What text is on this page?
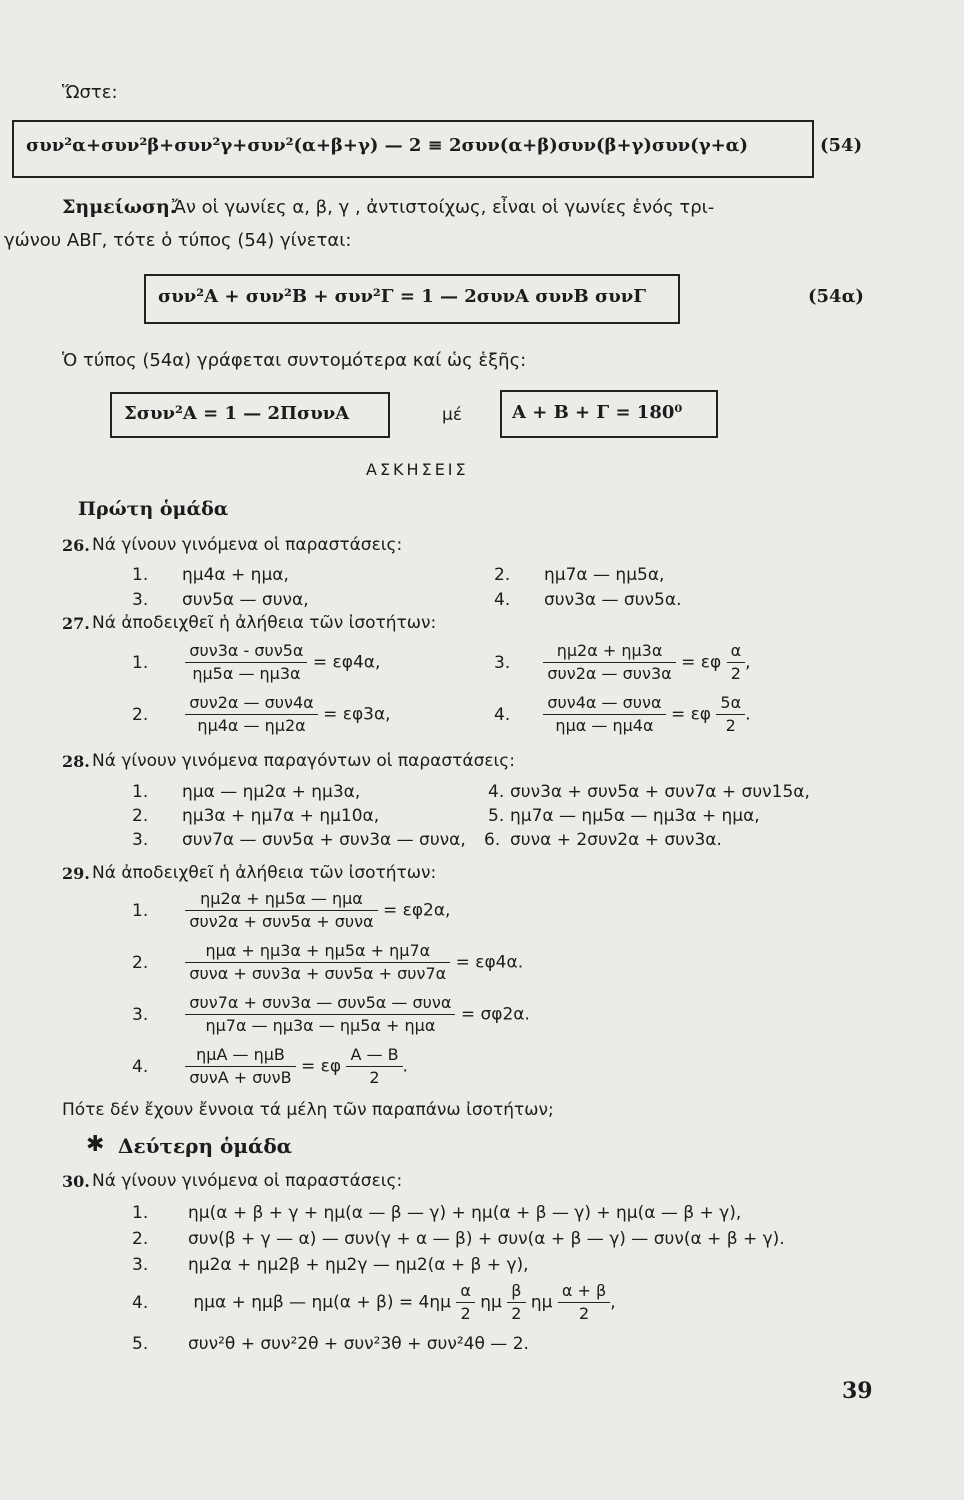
Ὥστε:
συν²α+συν²β+συν²γ+συν²(α+β+γ) — 2 ≡ 2συν(α+β)συν(β+γ)συν(γ+α)	(54)
Σημείωση.
Ἄν οἱ γωνίες α, β, γ , ἀντιστοίχως, εἶναι οἱ γωνίες ἑνός τρι-
γώνου ΑΒΓ, τότε ὁ τύπος (54) γίνεται:
συν²Α + συν²Β + συν²Γ = 1 — 2συνΑ συνΒ συνΓ	(54α)
Ὁ τύπος (54α) γράφεται συντομότερα καί ὡς ἑξῆς:
Σσυν²Α = 1 — 2ΠσυνΑ	μέ	Α + Β + Γ = 180⁰
ΑΣΚΗΣΕΙΣ
Πρώτη ὁμάδα
26. Νά γίνουν γινόμενα οἱ παραστάσεις:
1. ημ4α + ημα,	2. ημ7α — ημ5α,
3. συν5α — συνα,	4. συν3α — συν5α.
27. Νά ἀποδειχθεῖ ἡ ἀλήθεια τῶν ἰσοτήτων:
1. $\frac{\text{συν3α - συν5α}}{\eta\mu 5\alpha — \eta\mu 3\alpha} = \varepsilon\varphi 4\alpha$,	3. $\frac{\eta\mu 2\alpha + \eta\mu 3\alpha}{\text{συν2α — συν3α}} = \varepsilon\varphi \frac{\alpha}{2}$ ,
2. $\frac{\text{συν2α — συν4α}}{\eta\mu 4\alpha — \eta\mu 2\alpha} = \varepsilon\varphi 3\alpha$,	4. $\frac{\text{συν4α — συνα}}{\text{ημα — ημ4α}} = \varepsilon\varphi \frac{5\alpha}{2}$ .
28. Νά γίνουν γινόμενα παραγόντων οἱ παραστάσεις:
1. ημα — ημ2α + ημ3α,	4. συν3α + συν5α + συν7α + συν15α,
2. ημ3α + ημ7α + ημ10α,	5. ημ7α — ημ5α — ημ3α + ημα,
3. συν7α — συν5α + συν3α — συνα, 6. συνα + 2συν2α + συν3α.
29. Νά ἀποδειχθεῖ ἡ ἀλήθεια τῶν ἰσοτήτων:
1. $\frac{\text{ημ2α + ημ5α — ημα}}{\text{συν2α + συν5α + συνα}} = \varepsilon\varphi 2\alpha$,
2. $\frac{\text{ημα + ημ3α + ημ5α + ημ7α}}{\text{συνα + συν3α + συν5α + συν7α}} = \varepsilon\varphi 4\alpha$.
3. $\frac{\text{συν7α + συν3α — συν5α — συνα}}{\text{ημ7α — ημ3α — ημ5α + ημα}} = \sigma\varphi 2\alpha$.
4. $\frac{\text{ημΑ — ημΒ}}{\text{συνΑ + συνΒ}} = \varepsilon\varphi \frac{A — B}{2}$ .
Πότε δέν ἔχουν ἔννοια τά μέλη τῶν παραπάνω ἰσοτήτων;
✱ Δεύτερη ὁμάδα
30. Νά γίνουν γινόμενα οἱ παραστάσεις:
1. ημ(α + β + γ + ημ(α — β — γ) + ημ(α + β — γ) + ημ(α — β + γ),
2. συν(β + γ — α) — συν(γ + α — β) + συν(α + β — γ) — συν(α + β + γ).
3. ημ2α + ημ2β + ημ2γ — ημ2(α + β + γ),
4.	ημα + ημβ — $\eta\mu(\alpha + \beta) = 4\eta\mu \frac{\alpha}{2}$ ημ $\frac{\beta}{2}$ ημ $\frac{\alpha + \beta}{2}$ ,
5. συν²θ + συν²2θ + συν²3θ + συν²4θ — 2.
39
